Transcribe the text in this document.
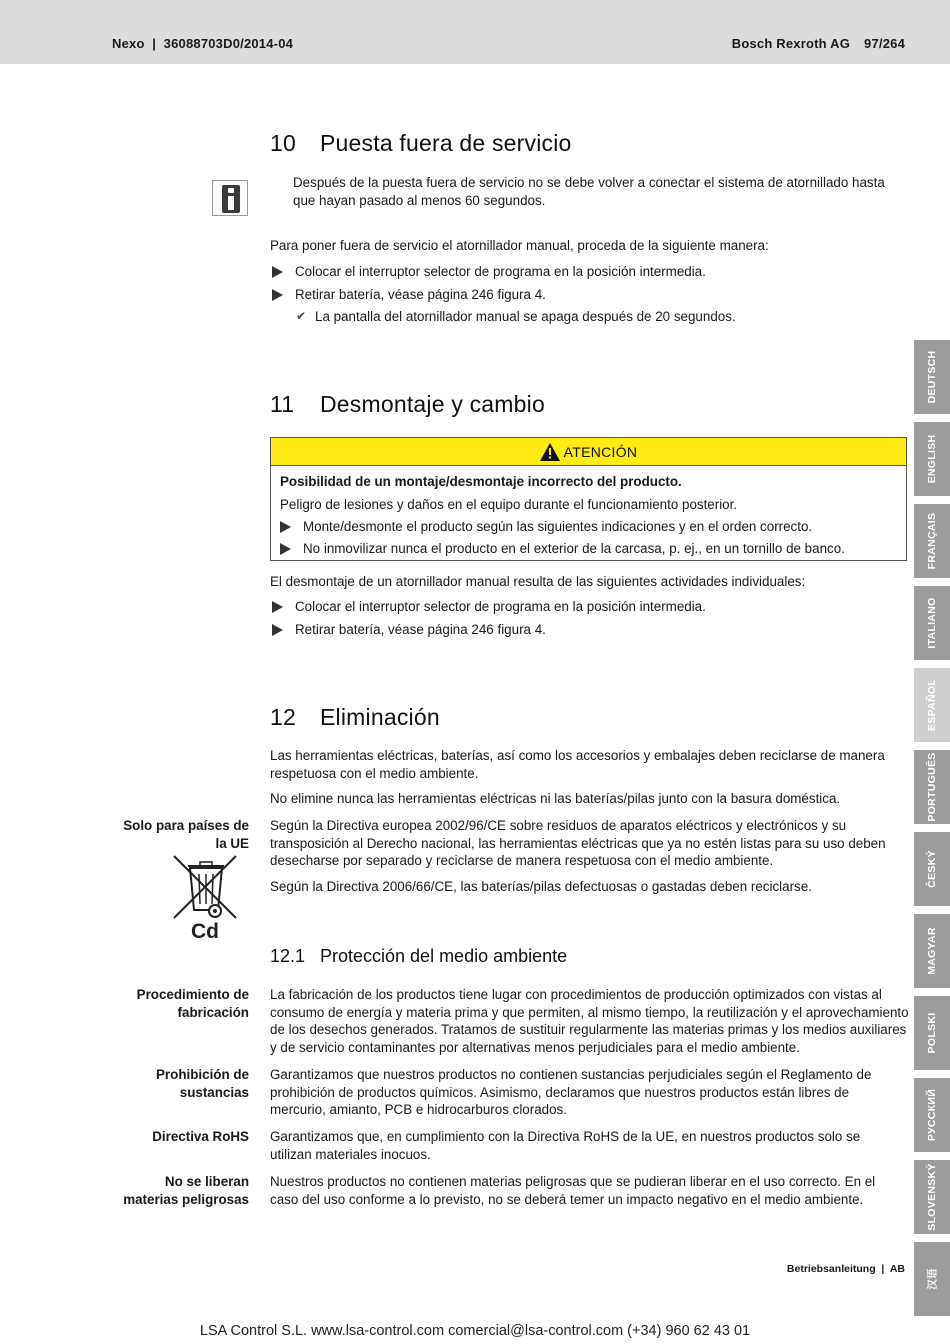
Nexo  |  36088703D0/2014-04	Bosch Rexroth AG 97/264
10 Puesta fuera de servicio
Después de la puesta fuera de servicio no se debe volver a conectar el sistema de atornillado hasta
que hayan pasado al menos 60 segundos.
Para poner fuera de servicio el atornillador manual, proceda de la siguiente manera:
Colocar el interruptor selector de programa en la posición intermedia.
Retirar batería, véase página 246 figura 4.
✔ La pantalla del atornillador manual se apaga después de 20 segundos.
11 Desmontaje y cambio
ATENCIÓN
Posibilidad de un montaje/desmontaje incorrecto del producto.
Peligro de lesiones y daños en el equipo durante el funcionamiento posterior.
Monte/desmonte el producto según las siguientes indicaciones y en el orden correcto.
No inmovilizar nunca el producto en el exterior de la carcasa, p. ej., en un tornillo de banco.
El desmontaje de un atornillador manual resulta de las siguientes actividades individuales:
Colocar el interruptor selector de programa en la posición intermedia.
Retirar batería, véase página 246 figura 4.
12 Eliminación
Las herramientas eléctricas, baterías, así como los accesorios y embalajes deben reciclarse de manera
respetuosa con el medio ambiente.
No elimine nunca las herramientas eléctricas ni las baterías/pilas junto con la basura doméstica.
Solo para países de
la UE
Según la Directiva europea 2002/96/CE sobre residuos de aparatos eléctricos y electrónicos y su
transposición al Derecho nacional, las herramientas eléctricas que ya no estén listas para su uso deben
desecharse por separado y reciclarse de manera respetuosa con el medio ambiente.
Según la Directiva 2006/66/CE, las baterías/pilas defectuosas o gastadas deben reciclarse.
Cd
12.1 Protección del medio ambiente
Procedimiento de
fabricación
La fabricación de los productos tiene lugar con procedimientos de producción optimizados con vistas al
consumo de energía y materia prima y que permiten, al mismo tiempo, la reutilización y el aprovechamiento
de los desechos generados. Tratamos de sustituir regularmente las materias primas y los medios auxiliares
y de servicio contaminantes por alternativas menos perjudiciales para el medio ambiente.
Prohibición de
sustancias
Garantizamos que nuestros productos no contienen sustancias perjudiciales según el Reglamento de
prohibición de productos químicos. Asimismo, declaramos que nuestros productos están libres de
mercurio, amianto, PCB e hidrocarburos clorados.
Directiva RoHS Garantizamos que, en cumplimiento con la Directiva RoHS de la UE, en nuestros productos solo se
utilizan materiales inocuos.
No se liberan
materias peligrosas
Nuestros productos no contienen materias peligrosas que se pudieran liberar en el uso correcto. En el
caso del uso conforme a lo previsto, no se deberá temer un impacto negativo en el medio ambiente.
DEUTSCH
ENGLISH
FRANÇAIS
ITALIANO
ESPAÑOL
PORTUGUÊS
ČESKÝ
MAGYAR
POLSKI
РУССКИЙ
SLOVENSKÝ
汉语
Betriebsanleitung  |  AB
LSA Control S.L. www.lsa-control.com comercial@lsa-control.com (+34) 960 62 43 01
